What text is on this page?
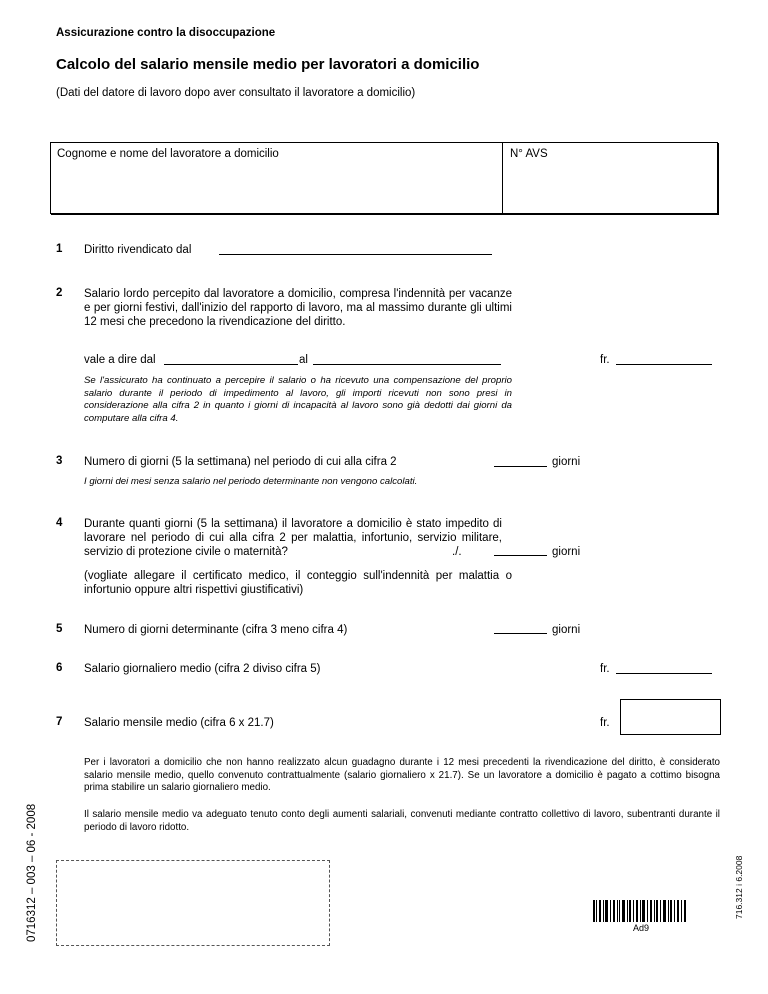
Assicurazione contro la disoccupazione
Calcolo del salario mensile medio per lavoratori a domicilio
(Dati del datore di lavoro dopo aver consultato il lavoratore a domicilio)
Cognome e nome del lavoratore a domicilio	N° AVS
1 Diritto rivendicato dal
2 Salario lordo percepito dal lavoratore a domicilio, compresa l'indennità per vacanze e per giorni festivi, dall'inizio del rapporto di lavoro, ma al massimo durante gli ultimi 12 mesi che precedono la rivendicazione del diritto.
vale a dire dal	al	fr.
Se l'assicurato ha continuato a percepire il salario o ha ricevuto una compensazione del proprio salario durante il periodo di impedimento al lavoro, gli importi ricevuti non sono presi in considerazione alla cifra 2 in quanto i giorni di incapacità al lavoro sono già dedotti dai giorni da computare alla cifra 4.
3 Numero di giorni (5 la settimana) nel periodo di cui alla cifra 2	giorni
I giorni dei mesi senza salario nel periodo determinante non vengono calcolati.
4 Durante quanti giorni (5 la settimana) il lavoratore a domicilio è stato impedito di lavorare nel periodo di cui alla cifra 2 per malattia, infortunio, servizio militare, servizio di protezione civile o maternità?	./.	giorni
(vogliate allegare il certificato medico, il conteggio sull'indennità per malattia o infortunio oppure altri rispettivi giustificativi)
5 Numero di giorni determinante (cifra 3 meno cifra 4)	giorni
6 Salario giornaliero medio (cifra 2 diviso cifra 5)	fr.
7 Salario mensile medio (cifra 6 x 21.7)	fr.
Per i lavoratori a domicilio che non hanno realizzato alcun guadagno durante i 12 mesi precedenti la rivendicazione del diritto, è considerato salario mensile medio, quello convenuto contrattualmente (salario giornaliero x 21.7). Se un lavoratore a domicilio è pagato a cottimo bisogna prima stabilire un salario giornaliero medio.
Il salario mensile medio va adeguato tenuto conto degli aumenti salariali, convenuti mediante contratto collettivo di lavoro, subentranti durante il periodo di lavoro ridotto.
0716312 – 003 – 06 - 2008	716.312 i 6.2008
Ad9
